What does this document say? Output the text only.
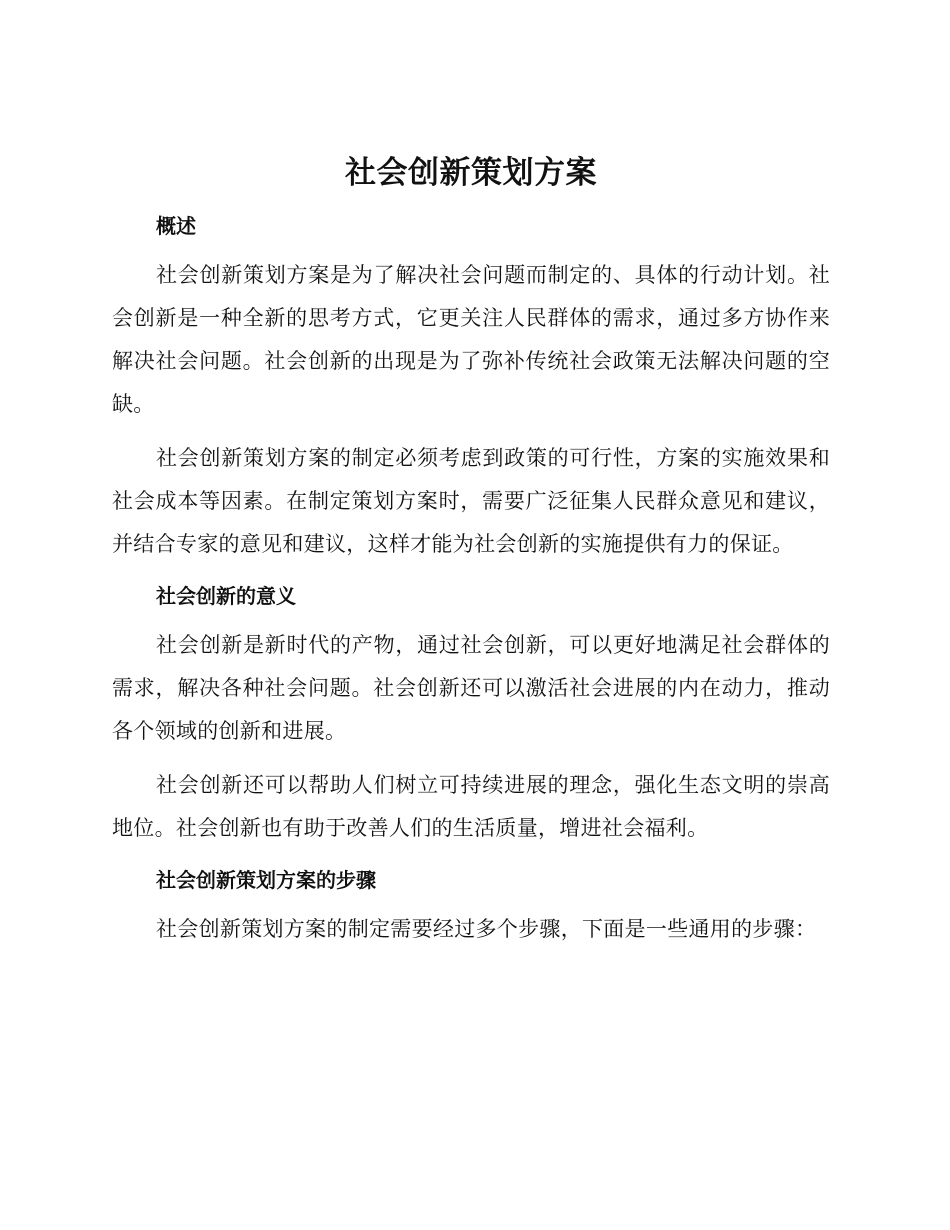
社会创新策划方案
概述

社会创新策划方案是为了解决社会问题而制定的、具体的行动计划。社会创新是一种全新的思考方式，它更关注人民群体的需求，通过多方协作来解决社会问题。社会创新的出现是为了弥补传统社会政策无法解决问题的空缺。

社会创新策划方案的制定必须考虑到政策的可行性，方案的实施效果和社会成本等因素。在制定策划方案时，需要广泛征集人民群众意见和建议，并结合专家的意见和建议，这样才能为社会创新的实施提供有力的保证。

社会创新的意义

社会创新是新时代的产物，通过社会创新，可以更好地满足社会群体的需求，解决各种社会问题。社会创新还可以激活社会进展的内在动力，推动各个领域的创新和进展。

社会创新还可以帮助人们树立可持续进展的理念，强化生态文明的崇高地位。社会创新也有助于改善人们的生活质量，增进社会福利。

社会创新策划方案的步骤

社会创新策划方案的制定需要经过多个步骤，下面是一些通用的步骤：
